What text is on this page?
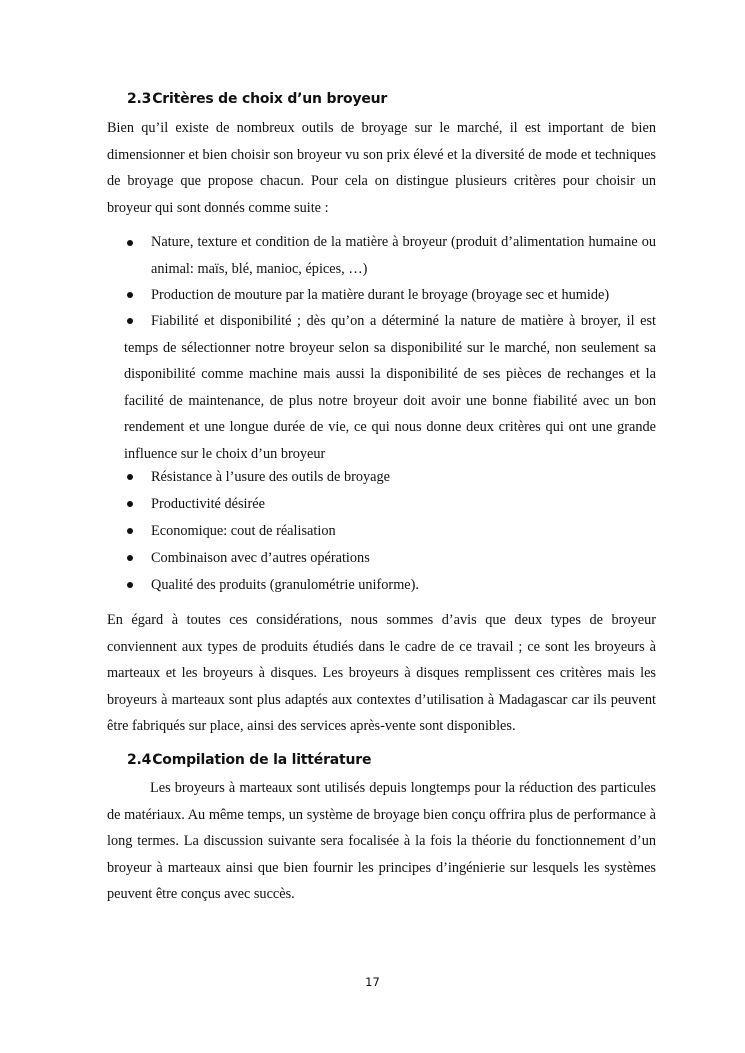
2.3Critères de choix d’un broyeur

Bien qu’il existe de nombreux outils de broyage sur le marché, il est important de bien dimensionner et bien choisir son broyeur vu son prix élevé et la diversité de mode et techniques de broyage que propose chacun. Pour cela on distingue plusieurs critères pour choisir un broyeur qui sont donnés comme suite :

Nature, texture et condition de la matière à broyeur (produit d’alimentation humaine ou animal: maïs, blé, manioc, épices, …)
Production de mouture par la matière durant le broyage (broyage sec et humide)
Fiabilité et disponibilité ; dès qu’on a déterminé la nature de matière à broyer, il est temps de sélectionner notre broyeur selon sa disponibilité sur le marché, non seulement sa disponibilité comme machine mais aussi la disponibilité de ses pièces de rechanges et la facilité de maintenance, de plus notre broyeur doit avoir une bonne fiabilité avec un bon rendement et une longue durée de vie, ce qui nous donne deux critères qui ont une grande influence sur le choix d’un broyeur
Résistance à l’usure des outils de broyage
Productivité désirée
Economique: cout de réalisation
Combinaison avec d’autres opérations
Qualité des produits (granulométrie uniforme).

En égard à toutes ces considérations, nous sommes d’avis que deux types de broyeur conviennent aux types de produits étudiés dans le cadre de ce travail ; ce sont les broyeurs à marteaux et les broyeurs à disques. Les broyeurs à disques remplissent ces critères mais les broyeurs à marteaux sont plus adaptés aux contextes d’utilisation à Madagascar car ils peuvent être fabriqués sur place, ainsi des services après-vente sont disponibles.

2.4Compilation de la littérature

Les broyeurs à marteaux sont utilisés depuis longtemps pour la réduction des particules de matériaux. Au même temps, un système de broyage bien conçu offrira plus de performance à long termes. La discussion suivante sera focalisée à la fois la théorie du fonctionnement d’un broyeur à marteaux ainsi que bien fournir les principes d’ingénierie sur lesquels les systèmes peuvent être conçus avec succès.

17
